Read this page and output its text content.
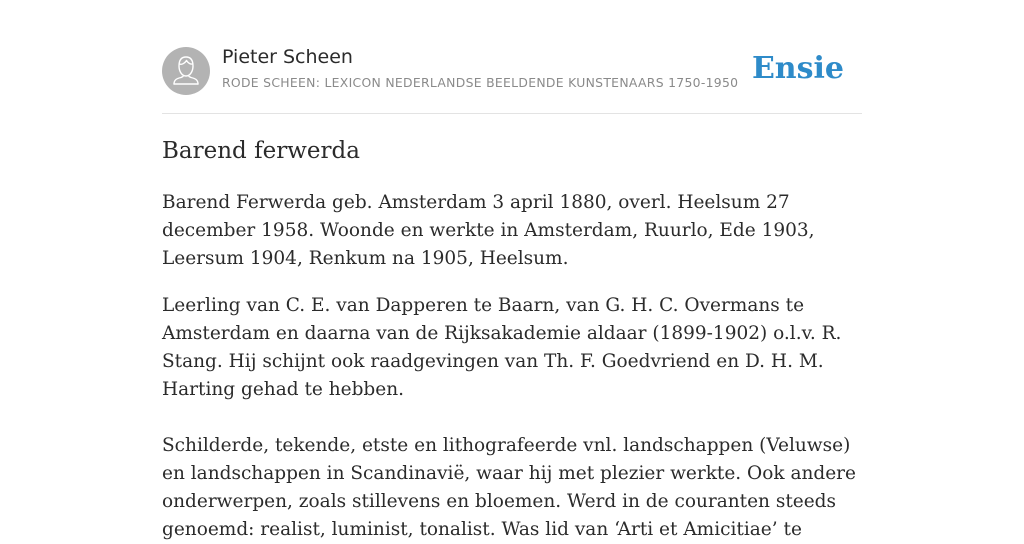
Pieter Scheen
RODE SCHEEN: LEXICON NEDERLANDSE BEELDENDE KUNSTENAARS 1750-1950 Ensie
Barend ferwerda

Barend Ferwerda geb. Amsterdam 3 april 1880, overl. Heelsum 27 december 1958. Woonde en werkte in Amsterdam, Ruurlo, Ede 1903, Leersum 1904, Renkum na 1905, Heelsum.

Leerling van C. E. van Dapperen te Baarn, van G. H. C. Overmans te Amsterdam en daarna van de Rijksakademie aldaar (1899-1902) o.l.v. R. Stang. Hij schijnt ook raadgevingen van Th. F. Goedvriend en D. H. M. Harting gehad te hebben.

Schilderde, tekende, etste en lithografeerde vnl. landschappen (Veluwse) en landschappen in Scandinavië, waar hij met plezier werkte. Ook andere onderwerpen, zoals stillevens en bloemen. Werd in de couranten steeds genoemd: realist, luminist, tonalist. Was lid van ‘Arti et Amicitiae’ te
